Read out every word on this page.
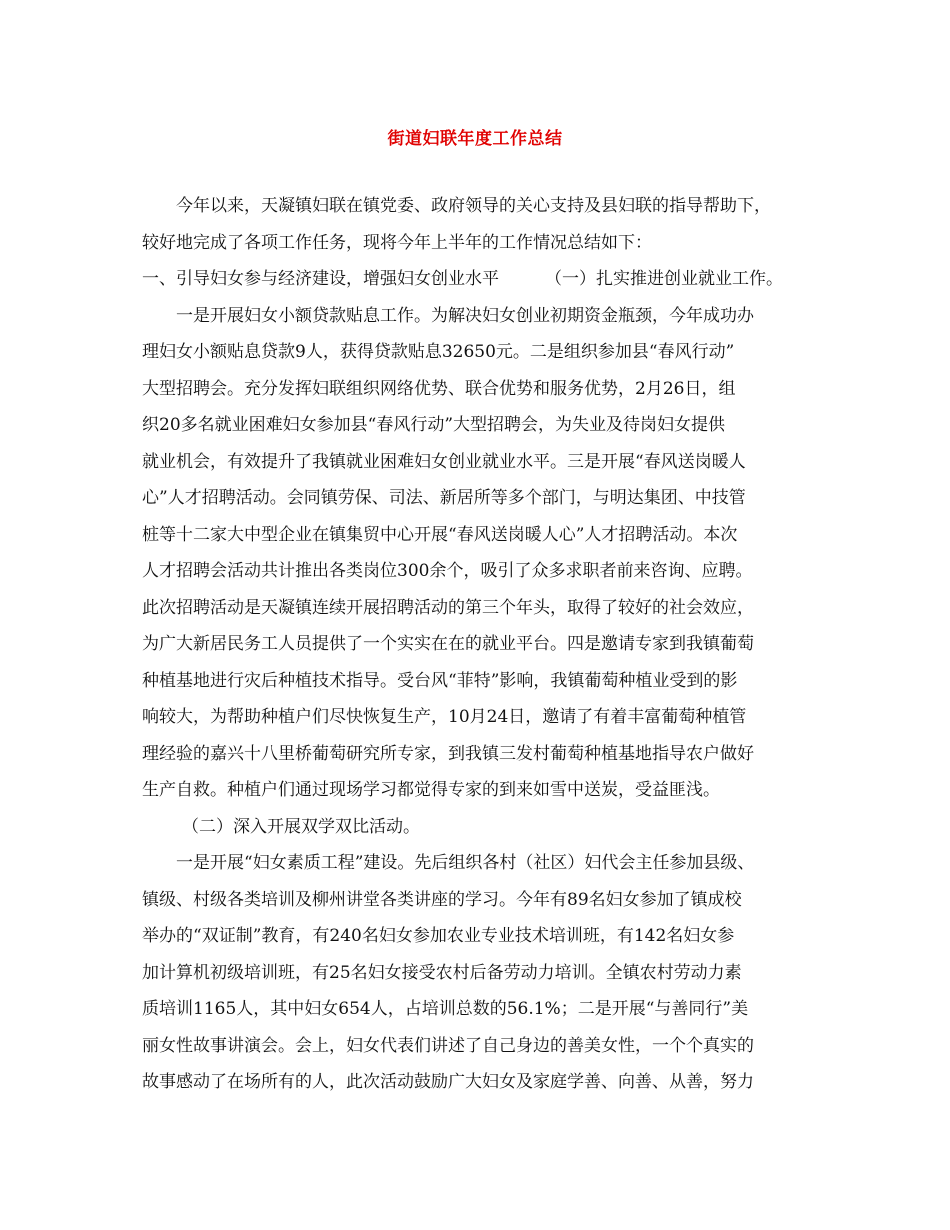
街道妇联年度工作总结
今年以来，天凝镇妇联在镇党委、政府领导的关心支持及县妇联的指导帮助下，
较好地完成了各项工作任务，现将今年上半年的工作情况总结如下：
一、引导妇女参与经济建设，增强妇女创业水平	（一）扎实推进创业就业工作。
一是开展妇女小额贷款贴息工作。为解决妇女创业初期资金瓶颈，今年成功办
理妇女小额贴息贷款9人，获得贷款贴息32650元。二是组织参加县“春风行动”
大型招聘会。充分发挥妇联组织网络优势、联合优势和服务优势，2月26日，组
织20多名就业困难妇女参加县“春风行动”大型招聘会，为失业及待岗妇女提供
就业机会，有效提升了我镇就业困难妇女创业就业水平。三是开展“春风送岗暖人
心”人才招聘活动。会同镇劳保、司法、新居所等多个部门，与明达集团、中技管
桩等十二家大中型企业在镇集贸中心开展“春风送岗暖人心”人才招聘活动。本次
人才招聘会活动共计推出各类岗位300余个，吸引了众多求职者前来咨询、应聘。
此次招聘活动是天凝镇连续开展招聘活动的第三个年头，取得了较好的社会效应，
为广大新居民务工人员提供了一个实实在在的就业平台。四是邀请专家到我镇葡萄
种植基地进行灾后种植技术指导。受台风“菲特”影响，我镇葡萄种植业受到的影
响较大，为帮助种植户们尽快恢复生产，10月24日，邀请了有着丰富葡萄种植管
理经验的嘉兴十八里桥葡萄研究所专家，到我镇三发村葡萄种植基地指导农户做好
生产自救。种植户们通过现场学习都觉得专家的到来如雪中送炭，受益匪浅。
（二）深入开展双学双比活动。
一是开展“妇女素质工程”建设。先后组织各村（社区）妇代会主任参加县级、
镇级、村级各类培训及柳州讲堂各类讲座的学习。今年有89名妇女参加了镇成校
举办的“双证制”教育，有240名妇女参加农业专业技术培训班，有142名妇女参
加计算机初级培训班，有25名妇女接受农村后备劳动力培训。全镇农村劳动力素
质培训1165人，其中妇女654人，占培训总数的56.1%；二是开展“与善同行”美
丽女性故事讲演会。会上，妇女代表们讲述了自己身边的善美女性，一个个真实的
故事感动了在场所有的人，此次活动鼓励广大妇女及家庭学善、向善、从善，努力
